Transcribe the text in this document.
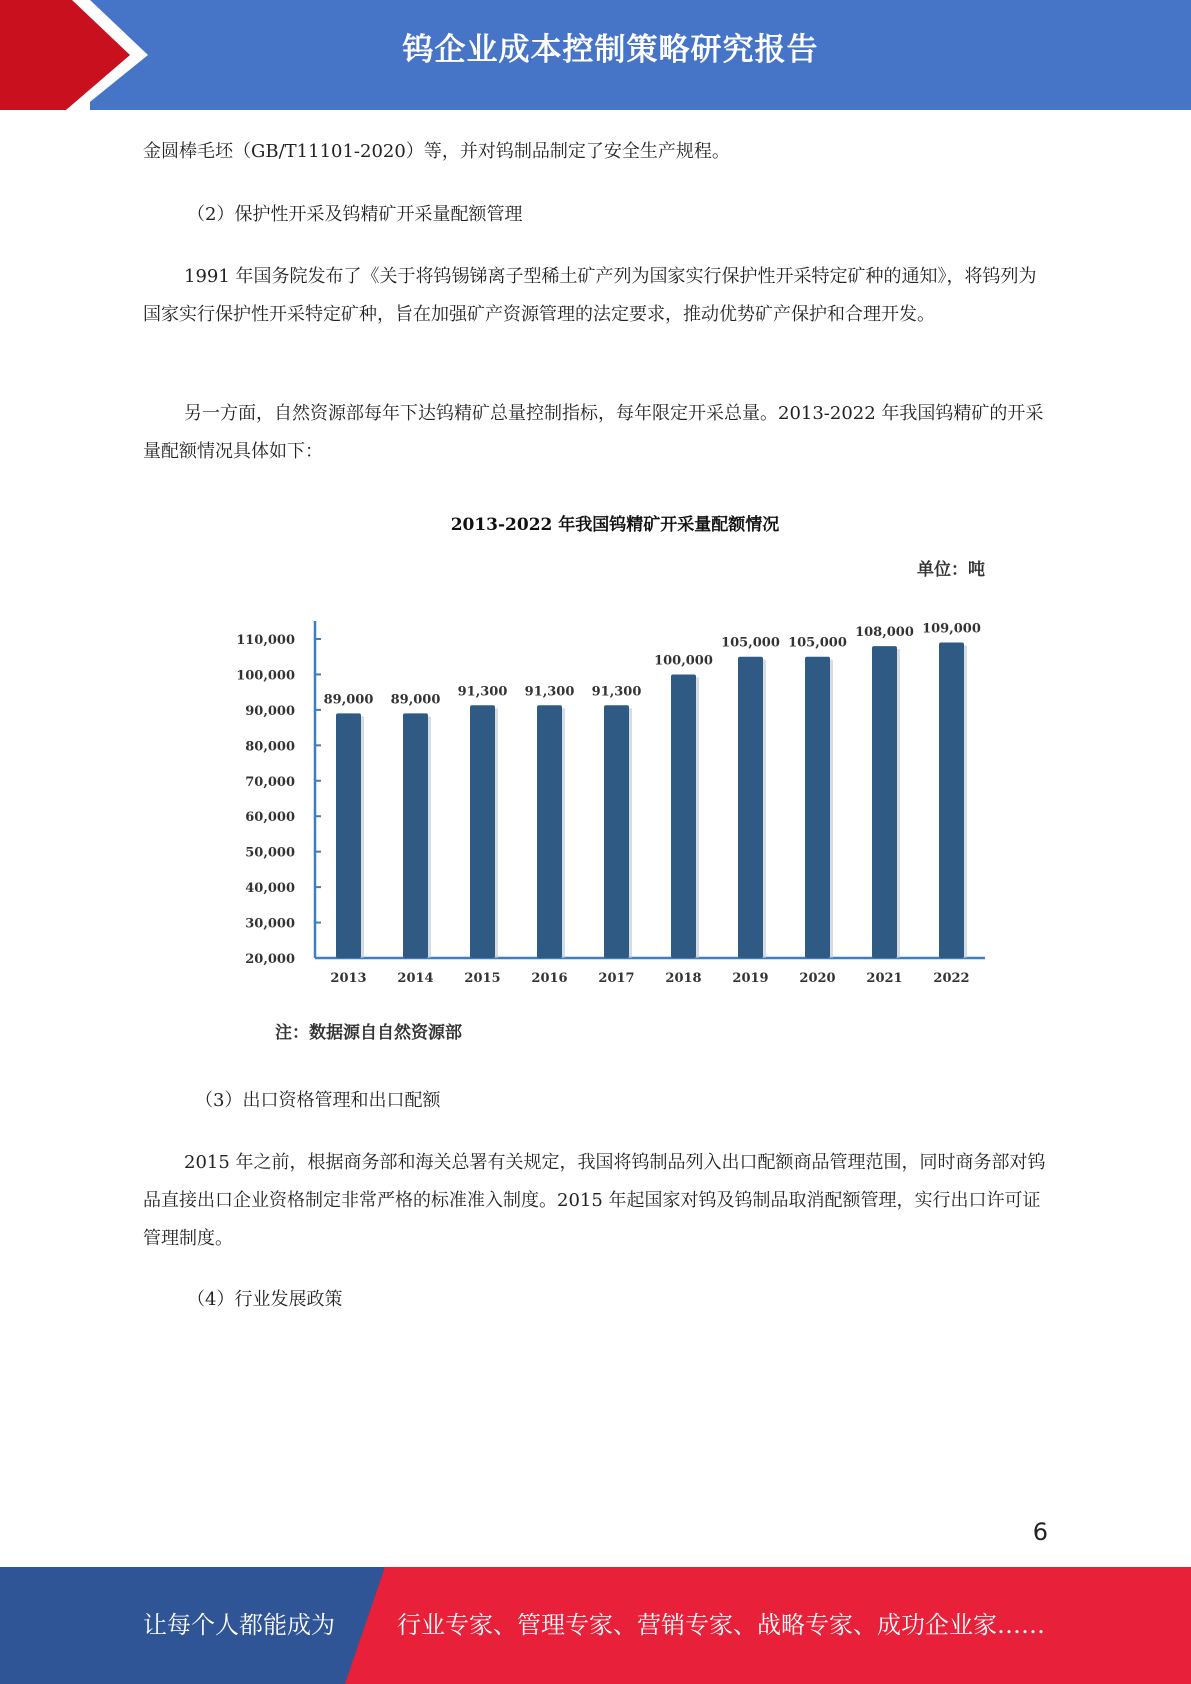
钨企业成本控制策略研究报告

金圆棒毛坯（GB/T11101-2020）等，并对钨制品制定了安全生产规程。

（2）保护性开采及钨精矿开采量配额管理

1991 年国务院发布了《关于将钨锡锑离子型稀土矿产列为国家实行保护性开采特定矿种的通知》，将钨列为国家实行保护性开采特定矿种，旨在加强矿产资源管理的法定要求，推动优势矿产保护和合理开发。

另一方面，自然资源部每年下达钨精矿总量控制指标，每年限定开采总量。2013-2022 年我国钨精矿的开采量配额情况具体如下：

2013-2022 年我国钨精矿开采量配额情况
单位：吨
20,000
30,000
40,000
50,000
60,000
70,000
80,000
90,000
100,000
110,000
89,000
2013
89,000
2014
91,300
2015
91,300
2016
91,300
2017
100,000
2018
105,000
2019
105,000
2020
108,000
2021
109,000
2022
注：数据源自自然资源部

（3）出口资格管理和出口配额

2015 年之前，根据商务部和海关总署有关规定，我国将钨制品列入出口配额商品管理范围，同时商务部对钨品直接出口企业资格制定非常严格的标准准入制度。2015 年起国家对钨及钨制品取消配额管理，实行出口许可证管理制度。

（4）行业发展政策

6
让每个人都能成为	行业专家、管理专家、营销专家、战略专家、成功企业家……
